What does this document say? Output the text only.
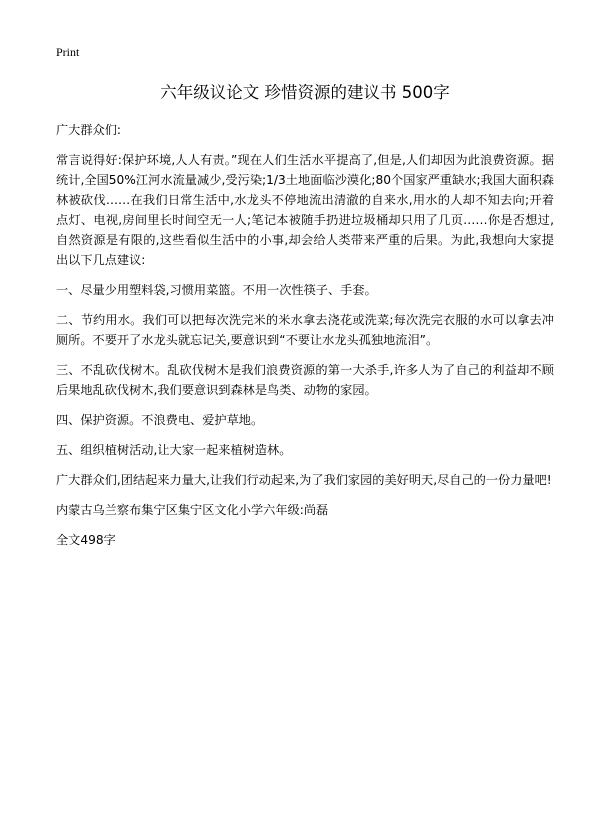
Print

六年级议论文 珍惜资源的建议书 500字

广大群众们:

常言说得好:保护环境,人人有责。”现在人们生活水平提高了,但是,人们却因为此浪费资源。据统计,全国50%江河水流量减少,受污染;1/3土地面临沙漠化;80个国家严重缺水;我国大面积森林被砍伐……在我们日常生活中,水龙头不停地流出清澈的自来水,用水的人却不知去向;开着点灯、电视,房间里长时间空无一人;笔记本被随手扔进垃圾桶却只用了几页……你是否想过,自然资源是有限的,这些看似生活中的小事,却会给人类带来严重的后果。为此,我想向大家提出以下几点建议:

一、尽量少用塑料袋,习惯用菜篮。不用一次性筷子、手套。

二、节约用水。我们可以把每次洗完米的米水拿去浇花或洗菜;每次洗完衣服的水可以拿去冲厕所。不要开了水龙头就忘记关,要意识到“不要让水龙头孤独地流泪”。

三、不乱砍伐树木。乱砍伐树木是我们浪费资源的第一大杀手,许多人为了自己的利益却不顾后果地乱砍伐树木,我们要意识到森林是鸟类、动物的家园。

四、保护资源。不浪费电、爱护草地。

五、组织植树活动,让大家一起来植树造林。

广大群众们,团结起来力量大,让我们行动起来,为了我们家园的美好明天,尽自己的一份力量吧!

内蒙古乌兰察布集宁区集宁区文化小学六年级:尚磊

全文498字
